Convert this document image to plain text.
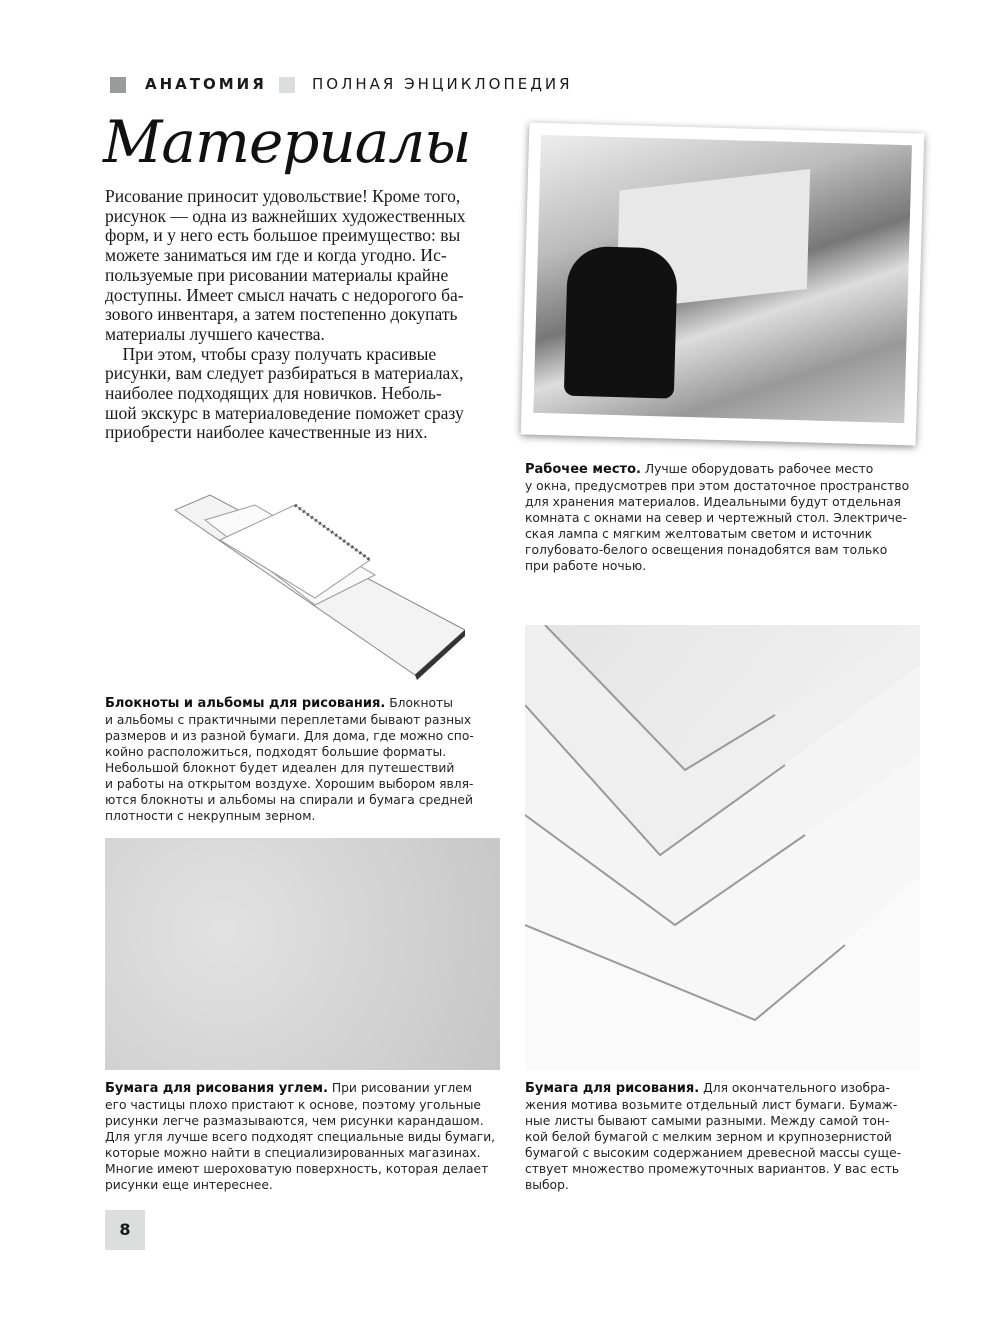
АНАТОМИЯ	ПОЛНАЯ ЭНЦИКЛОПЕДИЯ
Материалы
Рисование приносит удовольствие! Кроме того,
рисунок — одна из важнейших художественных
форм, и у него есть большое преимущество: вы
можете заниматься им где и когда угодно. Ис-
пользуемые при рисовании материалы крайне
доступны. Имеет смысл начать с недорогого ба-
зового инвентаря, а затем постепенно докупать
материалы лучшего качества.
 При этом, чтобы сразу получать красивые
рисунки, вам следует разбираться в материалах,
наиболее подходящих для новичков. Неболь-
шой экскурс в материаловедение поможет сразу
приобрести наиболее качественные из них.
Рабочее место. Лучше оборудовать рабочее место
у окна, предусмотрев при этом достаточное пространство
для хранения материалов. Идеальными будут отдельная
комната с окнами на север и чертежный стол. Электриче-
ская лампа с мягким желтоватым светом и источник
голубовато-белого освещения понадобятся вам только
при работе ночью.
Блокноты и альбомы для рисования. Блокноты
и альбомы с практичными переплетами бывают разных
размеров и из разной бумаги. Для дома, где можно спо-
койно расположиться, подходят большие форматы.
Небольшой блокнот будет идеален для путешествий
и работы на открытом воздухе. Хорошим выбором явля-
ются блокноты и альбомы на спирали и бумага средней
плотности с некрупным зерном.
Бумага для рисования. Для окончательного изобра-
жения мотива возьмите отдельный лист бумаги. Бумаж-
ные листы бывают самыми разными. Между самой тон-
кой белой бумагой с мелким зерном и крупнозернистой
бумагой с высоким содержанием древесной массы суще-
ствует множество промежуточных вариантов. У вас есть
выбор.
Бумага для рисования углем. При рисовании углем
его частицы плохо пристают к основе, поэтому угольные
рисунки легче размазываются, чем рисунки карандашом.
Для угля лучше всего подходят специальные виды бумаги,
которые можно найти в специализированных магазинах.
Многие имеют шероховатую поверхность, которая делает
рисунки еще интереснее.
8
